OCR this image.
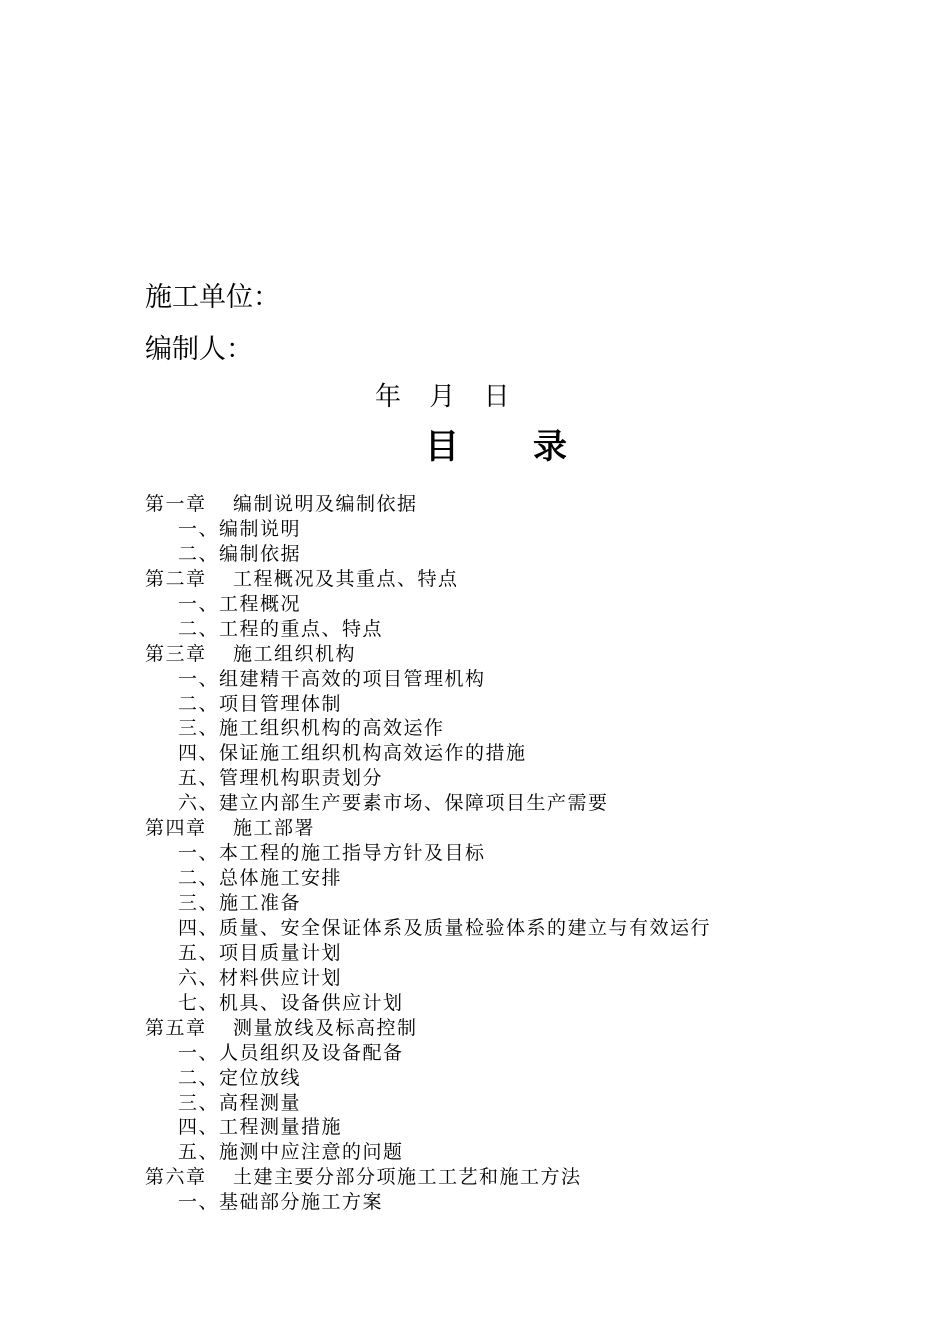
施工单位：
编制人：
年 月 日
目 录
第一章 编制说明及编制依据
一、编制说明
二、编制依据
第二章 工程概况及其重点、特点
一、工程概况
二、工程的重点、特点
第三章 施工组织机构
一、组建精干高效的项目管理机构
二、项目管理体制
三、施工组织机构的高效运作
四、保证施工组织机构高效运作的措施
五、管理机构职责划分
六、建立内部生产要素市场、保障项目生产需要
第四章 施工部署
一、本工程的施工指导方针及目标
二、总体施工安排
三、施工准备
四、质量、安全保证体系及质量检验体系的建立与有效运行
五、项目质量计划
六、材料供应计划
七、机具、设备供应计划
第五章 测量放线及标高控制
一、人员组织及设备配备
二、定位放线
三、高程测量
四、工程测量措施
五、施测中应注意的问题
第六章 土建主要分部分项施工工艺和施工方法
一、基础部分施工方案
